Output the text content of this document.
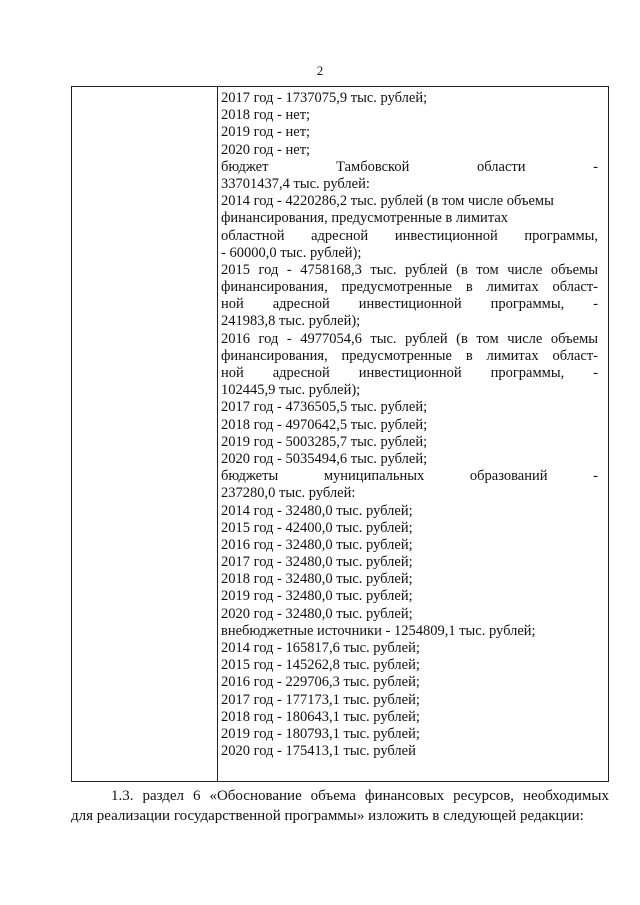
2
2017 год - 1737075,9 тыс. рублей;
2018 год - нет;
2019 год - нет;
2020 год - нет;
бюджет Тамбовской области -
33701437,4 тыс. рублей:
2014 год - 4220286,2 тыс. рублей (в том числе объемы
финансирования, предусмотренные в лимитах
областной адресной инвестиционной программы,
- 60000,0 тыс. рублей);
2015 год - 4758168,3 тыс. рублей (в том числе объемы
финансирования, предусмотренные в лимитах област-
ной адресной инвестиционной программы, -
241983,8 тыс. рублей);
2016 год - 4977054,6 тыс. рублей (в том числе объемы
финансирования, предусмотренные в лимитах област-
ной адресной инвестиционной программы, -
102445,9 тыс. рублей);
2017 год - 4736505,5 тыс. рублей;
2018 год - 4970642,5 тыс. рублей;
2019 год - 5003285,7 тыс. рублей;
2020 год - 5035494,6 тыс. рублей;
бюджеты муниципальных образований -
237280,0 тыс. рублей:
2014 год - 32480,0 тыс. рублей;
2015 год - 42400,0 тыс. рублей;
2016 год - 32480,0 тыс. рублей;
2017 год - 32480,0 тыс. рублей;
2018 год - 32480,0 тыс. рублей;
2019 год - 32480,0 тыс. рублей;
2020 год - 32480,0 тыс. рублей;
внебюджетные источники - 1254809,1 тыс. рублей;
2014 год - 165817,6 тыс. рублей;
2015 год - 145262,8 тыс. рублей;
2016 год - 229706,3 тыс. рублей;
2017 год - 177173,1 тыс. рублей;
2018 год - 180643,1 тыс. рублей;
2019 год - 180793,1 тыс. рублей;
2020 год - 175413,1 тыс. рублей
1.3. раздел 6 «Обоснование объема финансовых ресурсов, необходимых
для реализации государственной программы» изложить в следующей редакции:
